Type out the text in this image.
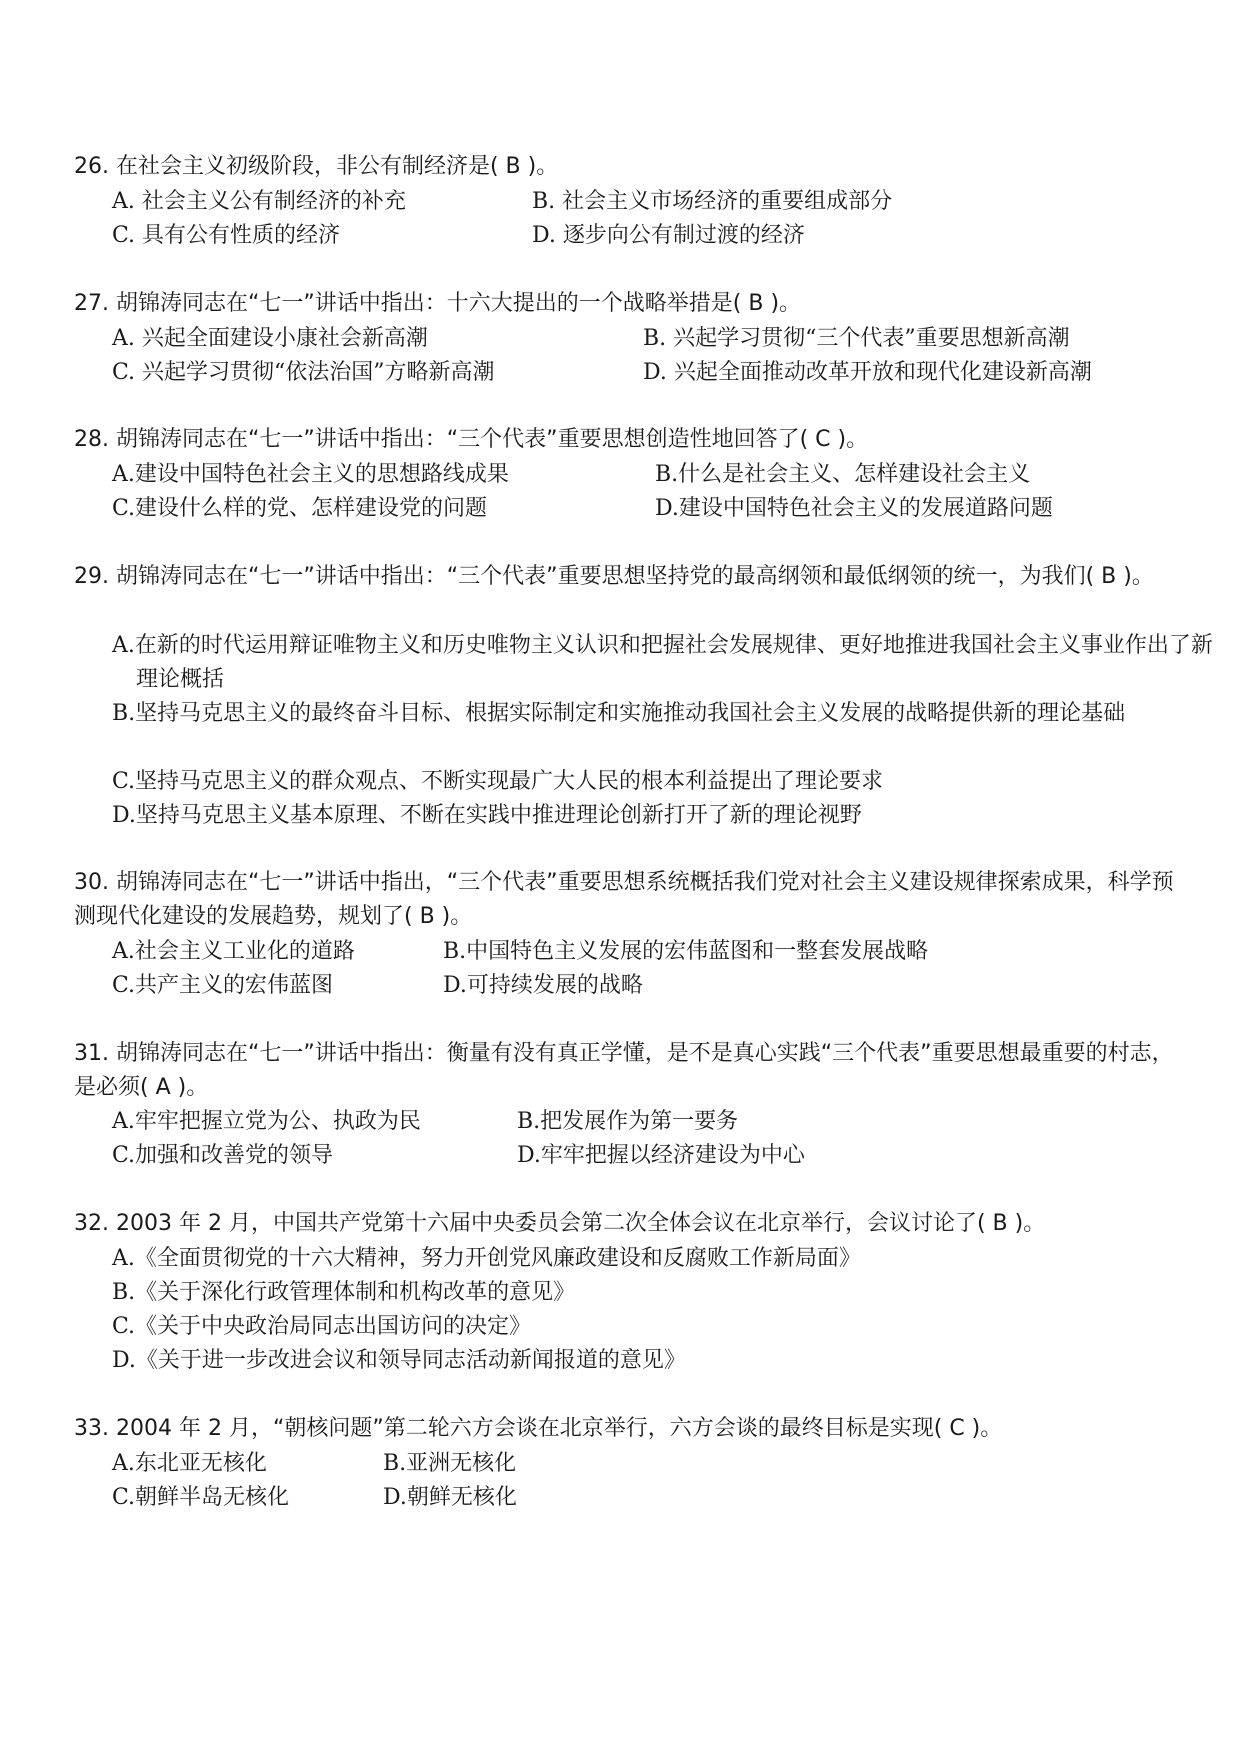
26. 在社会主义初级阶段，非公有制经济是( B )。
A. 社会主义公有制经济的补充	B. 社会主义市场经济的重要组成部分
C. 具有公有性质的经济	D. 逐步向公有制过渡的经济
27. 胡锦涛同志在“七一”讲话中指出：十六大提出的一个战略举措是( B )。
A. 兴起全面建设小康社会新高潮	B. 兴起学习贯彻“三个代表”重要思想新高潮
C. 兴起学习贯彻“依法治国”方略新高潮	D. 兴起全面推动改革开放和现代化建设新高潮
28. 胡锦涛同志在“七一”讲话中指出：“三个代表”重要思想创造性地回答了( C )。
A.建设中国特色社会主义的思想路线成果	B.什么是社会主义、怎样建设社会主义
C.建设什么样的党、怎样建设党的问题	D.建设中国特色社会主义的发展道路问题
29. 胡锦涛同志在“七一”讲话中指出：“三个代表”重要思想坚持党的最高纲领和最低纲领的统一，为我们( B )。
A.在新的时代运用辩证唯物主义和历史唯物主义认识和把握社会发展规律、更好地推进我国社会主义事业作出了新理论概括
B.坚持马克思主义的最终奋斗目标、根据实际制定和实施推动我国社会主义发展的战略提供新的理论基础
C.坚持马克思主义的群众观点、不断实现最广大人民的根本利益提出了理论要求
D.坚持马克思主义基本原理、不断在实践中推进理论创新打开了新的理论视野
30. 胡锦涛同志在“七一”讲话中指出，“三个代表”重要思想系统概括我们党对社会主义建设规律探索成果，科学预测现代化建设的发展趋势，规划了( B )。
A.社会主义工业化的道路	B.中国特色主义发展的宏伟蓝图和一整套发展战略
C.共产主义的宏伟蓝图	D.可持续发展的战略
31. 胡锦涛同志在“七一”讲话中指出：衡量有没有真正学懂，是不是真心实践“三个代表”重要思想最重要的村志，是必须( A )。
A.牢牢把握立党为公、执政为民	B.把发展作为第一要务
C.加强和改善党的领导	D.牢牢把握以经济建设为中心
32. 2003 年 2 月，中国共产党第十六届中央委员会第二次全体会议在北京举行，会议讨论了( B )。
A.《全面贯彻党的十六大精神，努力开创党风廉政建设和反腐败工作新局面》
B.《关于深化行政管理体制和机构改革的意见》
C.《关于中央政治局同志出国访问的决定》
D.《关于进一步改进会议和领导同志活动新闻报道的意见》
33. 2004 年 2 月，“朝核问题”第二轮六方会谈在北京举行，六方会谈的最终目标是实现( C )。
A.东北亚无核化	B.亚洲无核化
C.朝鲜半岛无核化	D.朝鲜无核化
